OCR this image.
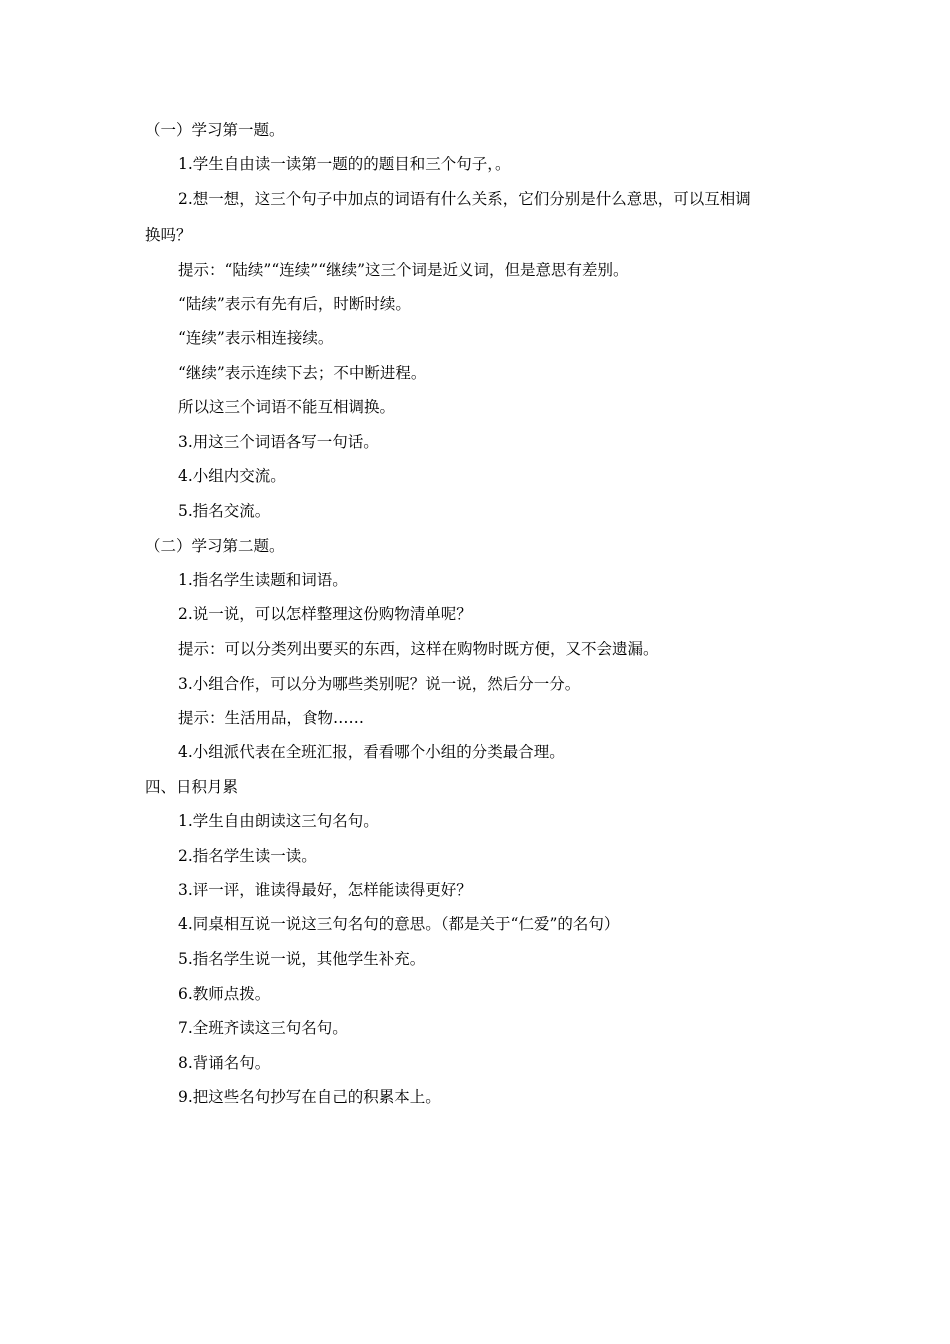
（一）学习第一题。
1.学生自由读一读第一题的的题目和三个句子，。
2.想一想，这三个句子中加点的词语有什么关系，它们分别是什么意思，可以互相调
换吗？
提示：“陆续”“连续”“继续”这三个词是近义词，但是意思有差别。
“陆续”表示有先有后，时断时续。
“连续”表示相连接续。
“继续”表示连续下去；不中断进程。
所以这三个词语不能互相调换。
3.用这三个词语各写一句话。
4.小组内交流。
5.指名交流。
（二）学习第二题。
1.指名学生读题和词语。
2.说一说，可以怎样整理这份购物清单呢？
提示：可以分类列出要买的东西，这样在购物时既方便，又不会遗漏。
3.小组合作，可以分为哪些类别呢？说一说，然后分一分。
提示：生活用品，食物……
4.小组派代表在全班汇报，看看哪个小组的分类最合理。
四、日积月累
1.学生自由朗读这三句名句。
2.指名学生读一读。
3.评一评，谁读得最好，怎样能读得更好？
4.同桌相互说一说这三句名句的意思。（都是关于“仁爱”的名句）
5.指名学生说一说，其他学生补充。
6.教师点拨。
7.全班齐读这三句名句。
8.背诵名句。
9.把这些名句抄写在自己的积累本上。
